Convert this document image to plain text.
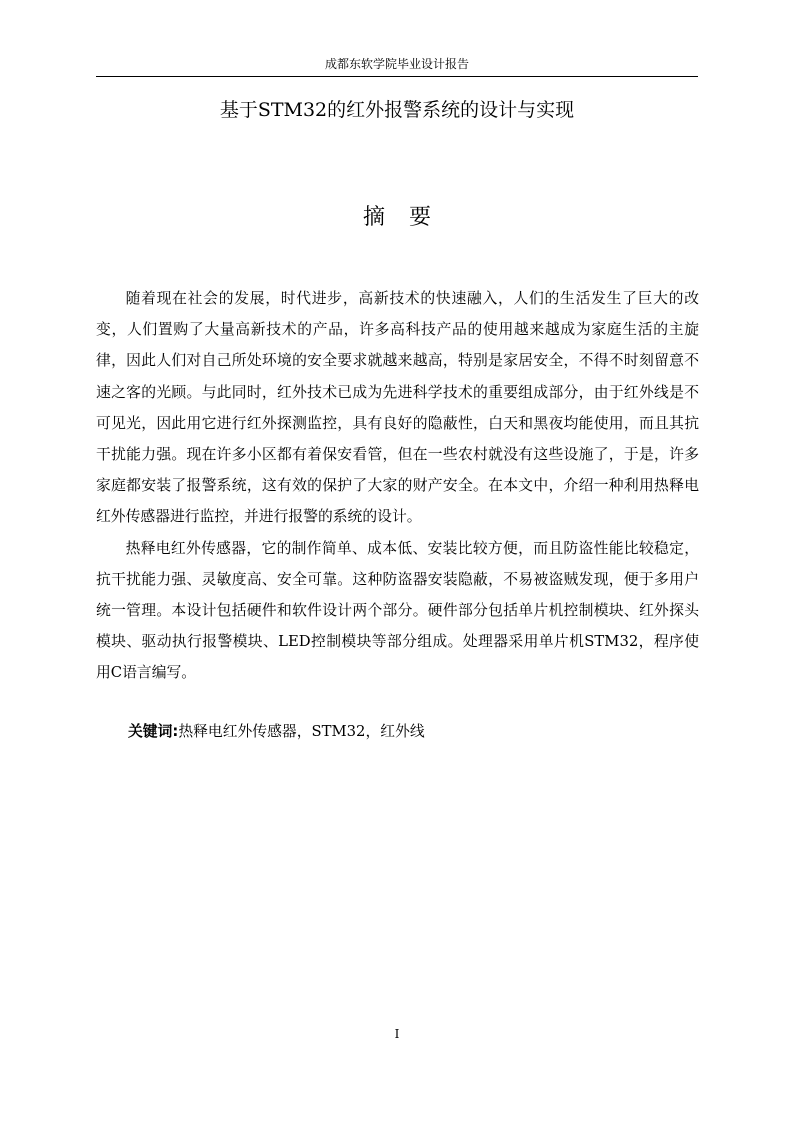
成都东软学院毕业设计报告
基于STM32的红外报警系统的设计与实现
摘要

随着现在社会的发展，时代进步，高新技术的快速融入，人们的生活发生了巨大的改变，人们置购了大量高新技术的产品，许多高科技产品的使用越来越成为家庭生活的主旋律，因此人们对自己所处环境的安全要求就越来越高，特别是家居安全，不得不时刻留意不速之客的光顾。与此同时，红外技术已成为先进科学技术的重要组成部分，由于红外线是不可见光，因此用它进行红外探测监控，具有良好的隐蔽性，白天和黑夜均能使用，而且其抗干扰能力强。现在许多小区都有着保安看管，但在一些农村就没有这些设施了，于是，许多家庭都安装了报警系统，这有效的保护了大家的财产安全。在本文中，介绍一种利用热释电红外传感器进行监控，并进行报警的系统的设计。

热释电红外传感器，它的制作简单、成本低、安装比较方便，而且防盗性能比较稳定，抗干扰能力强、灵敏度高、安全可靠。这种防盗器安装隐蔽，不易被盗贼发现，便于多用户统一管理。本设计包括硬件和软件设计两个部分。硬件部分包括单片机控制模块、红外探头模块、驱动执行报警模块、LED控制模块等部分组成。处理器采用单片机STM32，程序使用C语言编写。

关键词:热释电红外传感器，STM32，红外线
I
